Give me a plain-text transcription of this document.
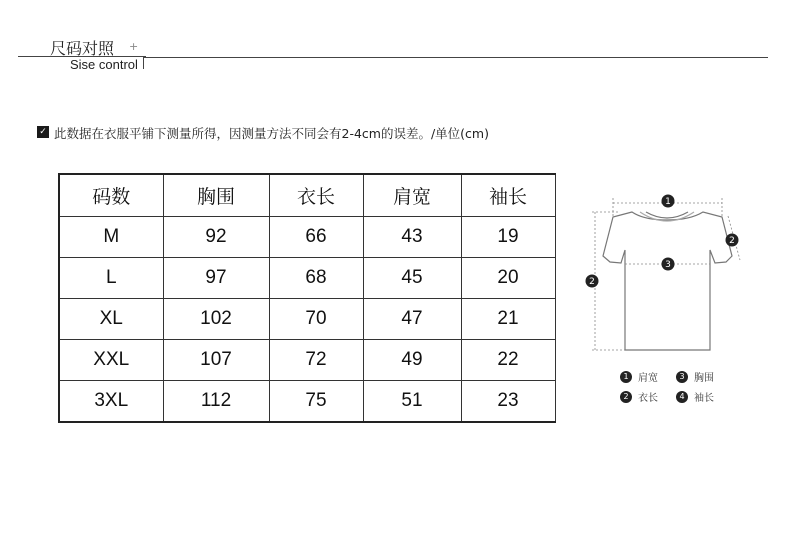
尺码对照 +
Sise control
✓ 此数据在衣服平铺下测量所得，因测量方法不同会有2-4cm的误差。/单位(cm)
码数	胸围	衣长	肩宽	袖长
M	92	66	43	19
L	97	68	45	20
XL	102	70	47	21
XXL	107	72	49	22
3XL	112	75	51	23
1
2
3
2
1 肩宽	3 胸围
2 衣长	4 袖长
